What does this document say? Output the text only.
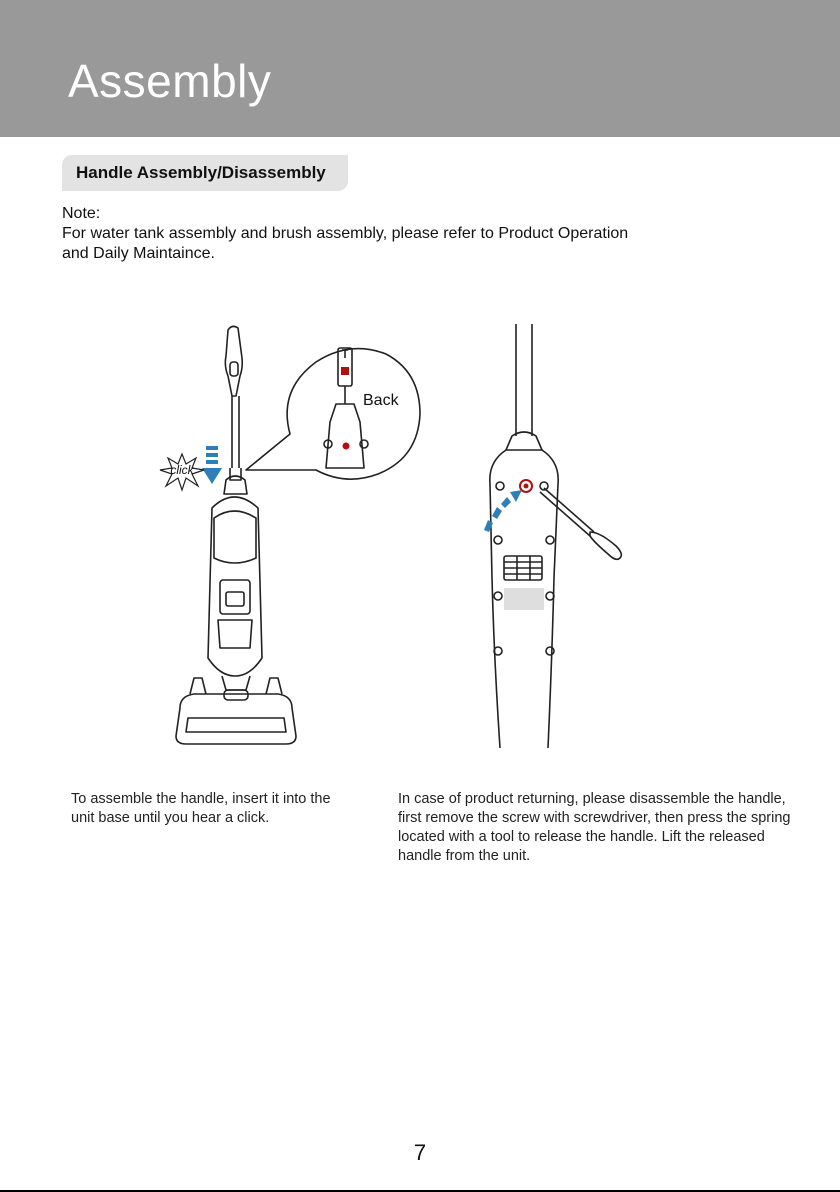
Assembly
Handle Assembly/Disassembly

Note:

For water tank assembly and brush assembly, please refer to Product Operation

and Daily Maintaince.

click
Back
To assemble the handle, insert it into the unit base until you hear a click.
In case of product returning, please disassemble the handle, first remove the screw with screwdriver, then press the spring located with a tool to release the handle. Lift the released handle from the unit.
7
